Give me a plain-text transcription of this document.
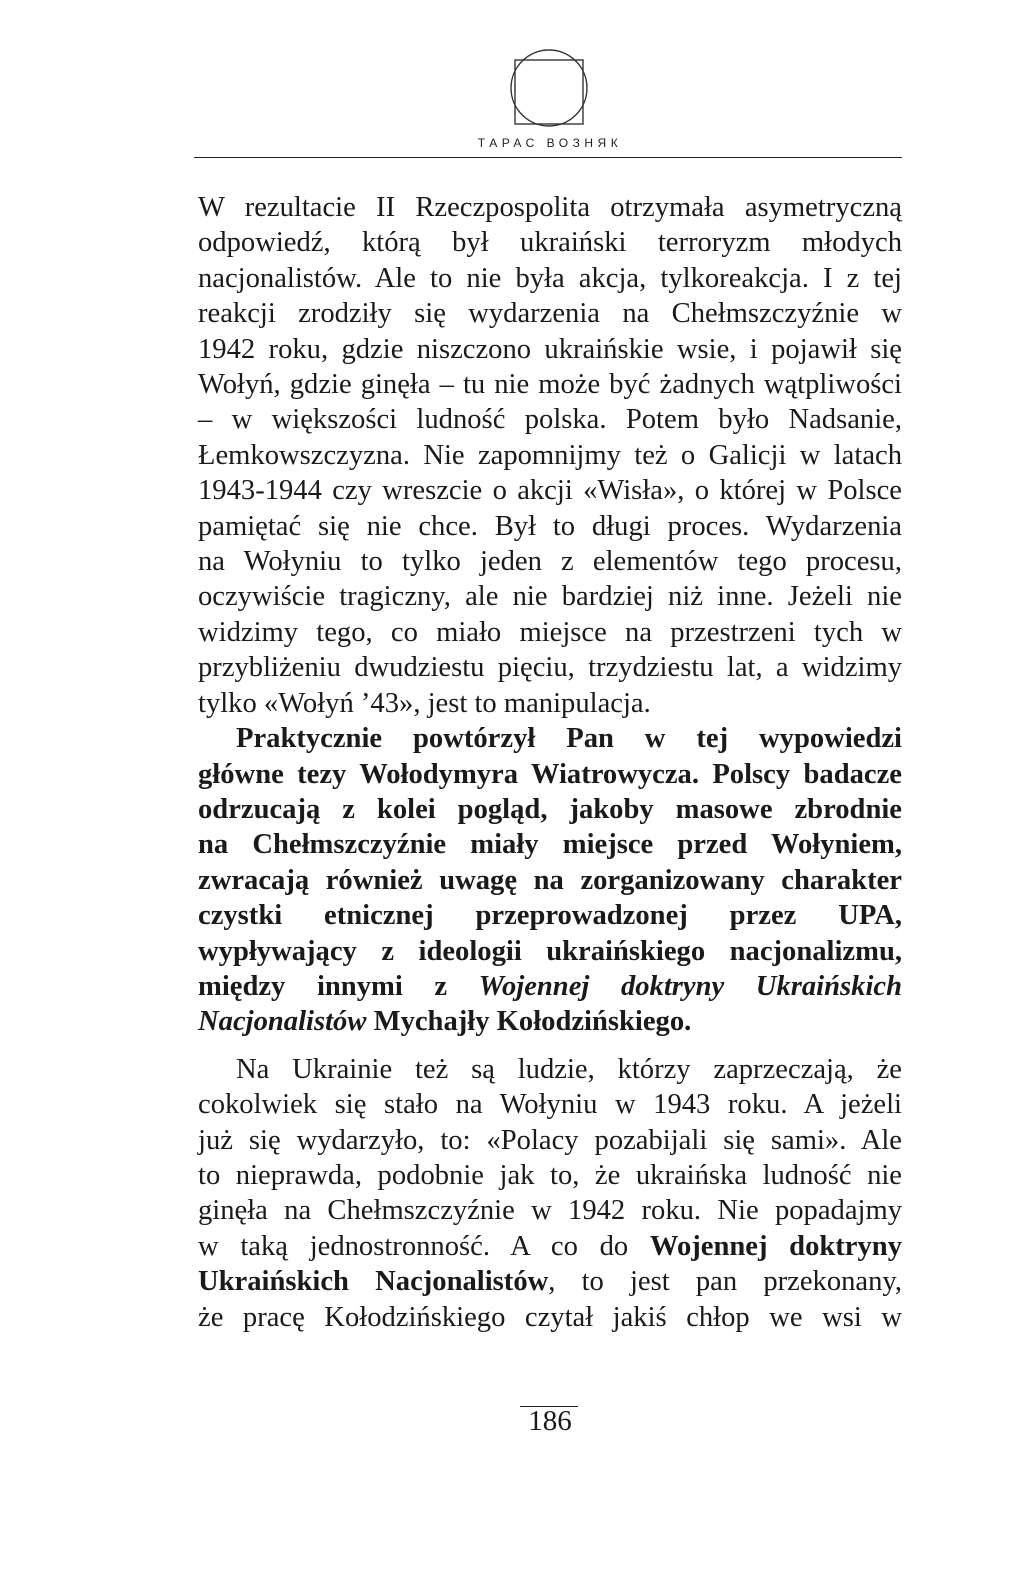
ТАРАС ВОЗНЯК

W rezultacie II Rzeczpospolita otrzymała asymetryczną
odpowiedź, którą był ukraiński terroryzm młodych
nacjonalistów. Ale to nie była akcja, tylkoreakcja. I z tej
reakcji zrodziły się wydarzenia na Chełmszczyźnie w
1942 roku, gdzie niszczono ukraińskie wsie, i pojawił się
Wołyń, gdzie ginęła – tu nie może być żadnych wątpliwości
– w większości ludność polska. Potem było Nadsanie,
Łemkowszczyzna. Nie zapomnijmy też o Galicji w latach
1943-1944 czy wreszcie o akcji «Wisła», o której w Polsce
pamiętać się nie chce. Był to długi proces. Wydarzenia
na Wołyniu to tylko jeden z elementów tego procesu,
oczywiście tragiczny, ale nie bardziej niż inne. Jeżeli nie
widzimy tego, co miało miejsce na przestrzeni tych w
przybliżeniu dwudziestu pięciu, trzydziestu lat, a widzimy
tylko «Wołyń ’43», jest to manipulacja.

Praktycznie powtórzył Pan w tej wypowiedzi
główne tezy Wołodymyra Wiatrowycza. Polscy badacze
odrzucają z kolei pogląd, jakoby masowe zbrodnie
na Chełmszczyźnie miały miejsce przed Wołyniem,
zwracają również uwagę na zorganizowany charakter
czystki etnicznej przeprowadzonej przez UPA,
wypływający z ideologii ukraińskiego nacjonalizmu,
między innymi z Wojennej doktryny Ukraińskich
Nacjonalistów Mychajły Kołodzińskiego.

Na Ukrainie też są ludzie, którzy zaprzeczają, że
cokolwiek się stało na Wołyniu w 1943 roku. A jeżeli
już się wydarzyło, to: «Polacy pozabijali się sami». Ale
to nieprawda, podobnie jak to, że ukraińska ludność nie
ginęła na Chełmszczyźnie w 1942 roku. Nie popadajmy
w taką jednostronność. A co do Wojennej doktryny
Ukraińskich Nacjonalistów, to jest pan przekonany,
że pracę Kołodzińskiego czytał jakiś chłop we wsi w

186
